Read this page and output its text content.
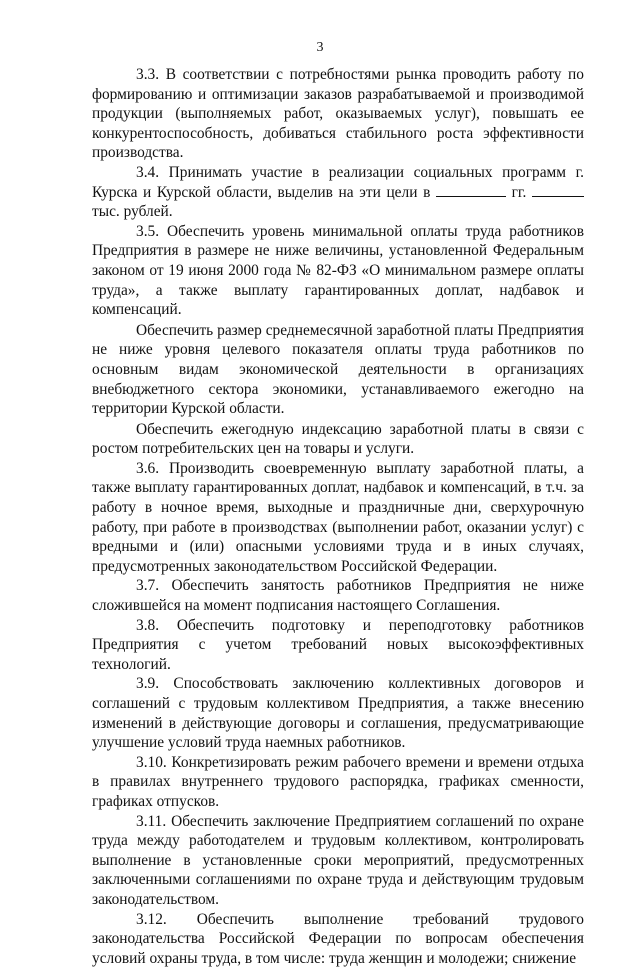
3

3.3. В соответствии с потребностями рынка проводить работу по формированию и оптимизации заказов разрабатываемой и производимой продукции (выполняемых работ, оказываемых услуг), повышать ее конкурентоспособность, добиваться стабильного роста эффективности производства.

3.4. Принимать участие в реализации социальных программ г. Курска и Курской области, выделив на эти цели в	гг. тыс. рублей.

3.5. Обеспечить уровень минимальной оплаты труда работников Предприятия в размере не ниже величины, установленной Федеральным законом от 19 июня 2000 года № 82-ФЗ «О минимальном размере оплаты труда», а также выплату гарантированных доплат, надбавок и компенсаций.

Обеспечить размер среднемесячной заработной платы Предприятия не ниже уровня целевого показателя оплаты труда работников по основным видам экономической деятельности в организациях внебюджетного сектора экономики, устанавливаемого ежегодно на территории Курской области.

Обеспечить ежегодную индексацию заработной платы в связи с ростом потребительских цен на товары и услуги.

3.6. Производить своевременную выплату заработной платы, а также выплату гарантированных доплат, надбавок и компенсаций, в т.ч. за работу в ночное время, выходные и праздничные дни, сверхурочную работу, при работе в производствах (выполнении работ, оказании услуг) с вредными и (или) опасными условиями труда и в иных случаях, предусмотренных законодательством Российской Федерации.

3.7. Обеспечить занятость работников Предприятия не ниже сложившейся на момент подписания настоящего Соглашения.

3.8. Обеспечить подготовку и переподготовку работников Предприятия с учетом требований новых высокоэффективных технологий.

3.9. Способствовать заключению коллективных договоров и соглашений с трудовым коллективом Предприятия, а также внесению изменений в действующие договоры и соглашения, предусматривающие улучшение условий труда наемных работников.

3.10. Конкретизировать режим рабочего времени и времени отдыха в правилах внутреннего трудового распорядка, графиках сменности, графиках отпусков.

3.11. Обеспечить заключение Предприятием соглашений по охране труда между работодателем и трудовым коллективом, контролировать выполнение в установленные сроки мероприятий, предусмотренных заключенными соглашениями по охране труда и действующим трудовым законодательством.

3.12. Обеспечить выполнение требований трудового законодательства Российской Федерации по вопросам обеспечения условий охраны труда, в том числе: труда женщин и молодежи; снижение
